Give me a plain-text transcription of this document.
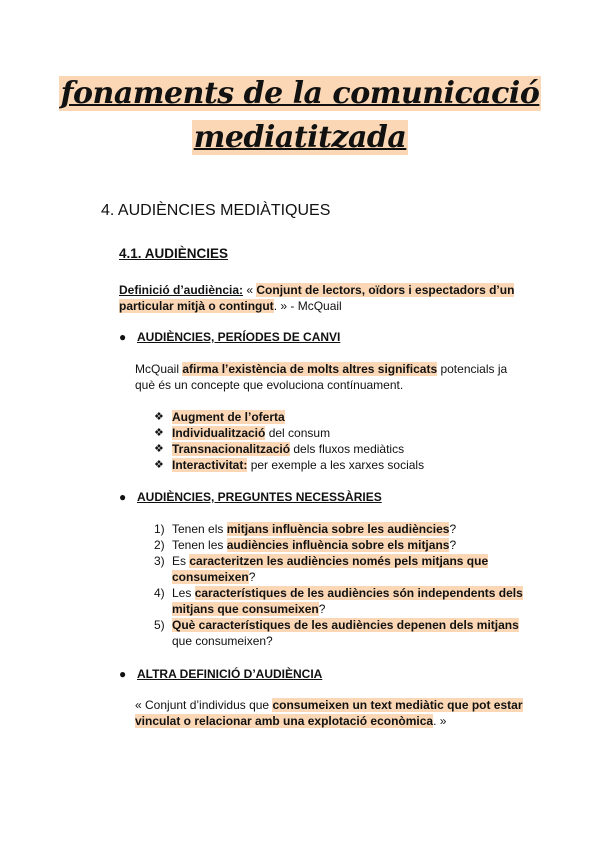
fonaments de la comunicació
mediatitzada
4. AUDIÈNCIES MEDIÀTIQUES
4.1. AUDIÈNCIES
Definició d’audiència: « Conjunt de lectors, oïdors i espectadors d’un particular mitjà o contingut. » - McQuail
● AUDIÈNCIES, PERÍODES DE CANVI
McQuail afirma l’existència de molts altres significats potencials ja què és un concepte que evoluciona contínuament.
❖ Augment de l’oferta
❖ Individualització del consum
❖ Transnacionalització dels fluxos mediàtics
❖ Interactivitat: per exemple a les xarxes socials
● AUDIÈNCIES, PREGUNTES NECESSÀRIES
1) Tenen els mitjans influència sobre les audiències?
2) Tenen les audiències influència sobre els mitjans?
3) Es caracteritzen les audiències només pels mitjans que consumeixen?
4) Les característiques de les audiències són independents dels mitjans que consumeixen?
5) Què característiques de les audiències depenen dels mitjans que consumeixen?
● ALTRA DEFINICIÓ D’AUDIÈNCIA
« Conjunt d’individus que consumeixen un text mediàtic que pot estar vinculat o relacionar amb una explotació econòmica. »
